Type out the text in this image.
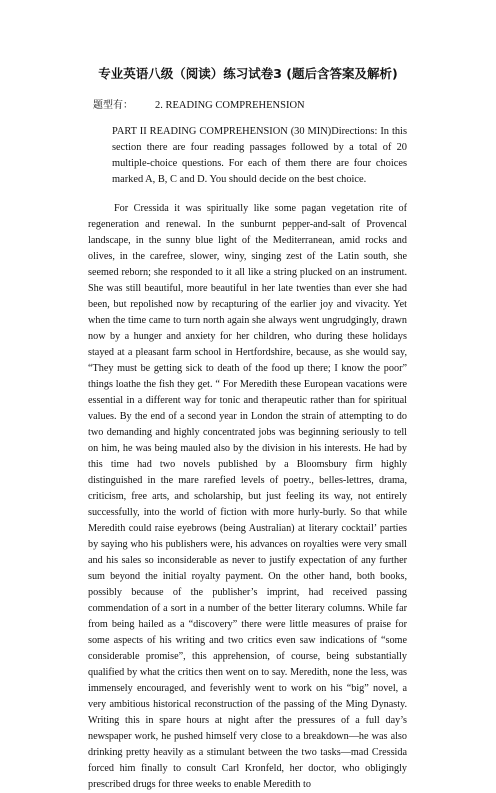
专业英语八级（阅读）练习试卷3 (题后含答案及解析)
题型有： 2. READING COMPREHENSION
PART II READING COMPREHENSION (30 MIN)Directions: In this section there are four reading passages followed by a total of 20 multiple-choice questions. For each of them there are four choices marked A, B, C and D. You should decide on the best choice.

For Cressida it was spiritually like some pagan vegetation rite of regeneration and renewal. In the sunburnt pepper-and-salt of Provencal landscape, in the sunny blue light of the Mediterranean, amid rocks and olives, in the carefree, slower, winy, singing zest of the Latin south, she seemed reborn; she responded to it all like a string plucked on an instrument. She was still beautiful, more beautiful in her late twenties than ever she had been, but repolished now by recapturing of the earlier joy and vivacity. Yet when the time came to turn north again she always went ungrudgingly, drawn now by a hunger and anxiety for her children, who during these holidays stayed at a pleasant farm school in Hertfordshire, because, as she would say, “They must be getting sick to death of the food up there; I know the poor” things loathe the fish they get. “ For Meredith these European vacations were essential in a different way for tonic and therapeutic rather than for spiritual values. By the end of a second year in London the strain of attempting to do two demanding and highly concentrated jobs was beginning seriously to tell on him, he was being mauled also by the division in his interests. He had by this time had two novels published by a Bloomsbury firm highly distinguished in the mare rarefied levels of poetry., belles-lettres, drama, criticism, free arts, and scholarship, but just feeling its way, not entirely successfully, into the world of fiction with more hurly-burly. So that while Meredith could raise eyebrows (being Australian) at literary cocktail’ parties by saying who his publishers were, his advances on royalties were very small and his sales so inconsiderable as never to justify expectation of any further sum beyond the initial royalty payment. On the other hand, both books, possibly because of the publisher’s imprint, had received passing commendation of a sort in a number of the better literary columns. While far from being hailed as a “discovery” there were little measures of praise for some aspects of his writing and two critics even saw indications of “some considerable promise”, this apprehension, of course, being substantially qualified by what the critics then went on to say. Meredith, none the less, was immensely encouraged, and feverishly went to work on his “big” novel, a very ambitious historical reconstruction of the passing of the Ming Dynasty. Writing this in spare hours at night after the pressures of a full day’s newspaper work, he pushed himself very close to a breakdown—he was also drinking pretty heavily as a stimulant between the two tasks—mad Cressida forced him finally to consult Carl Kronfeld, her doctor, who obligingly prescribed drugs for three weeks to enable Meredith to
